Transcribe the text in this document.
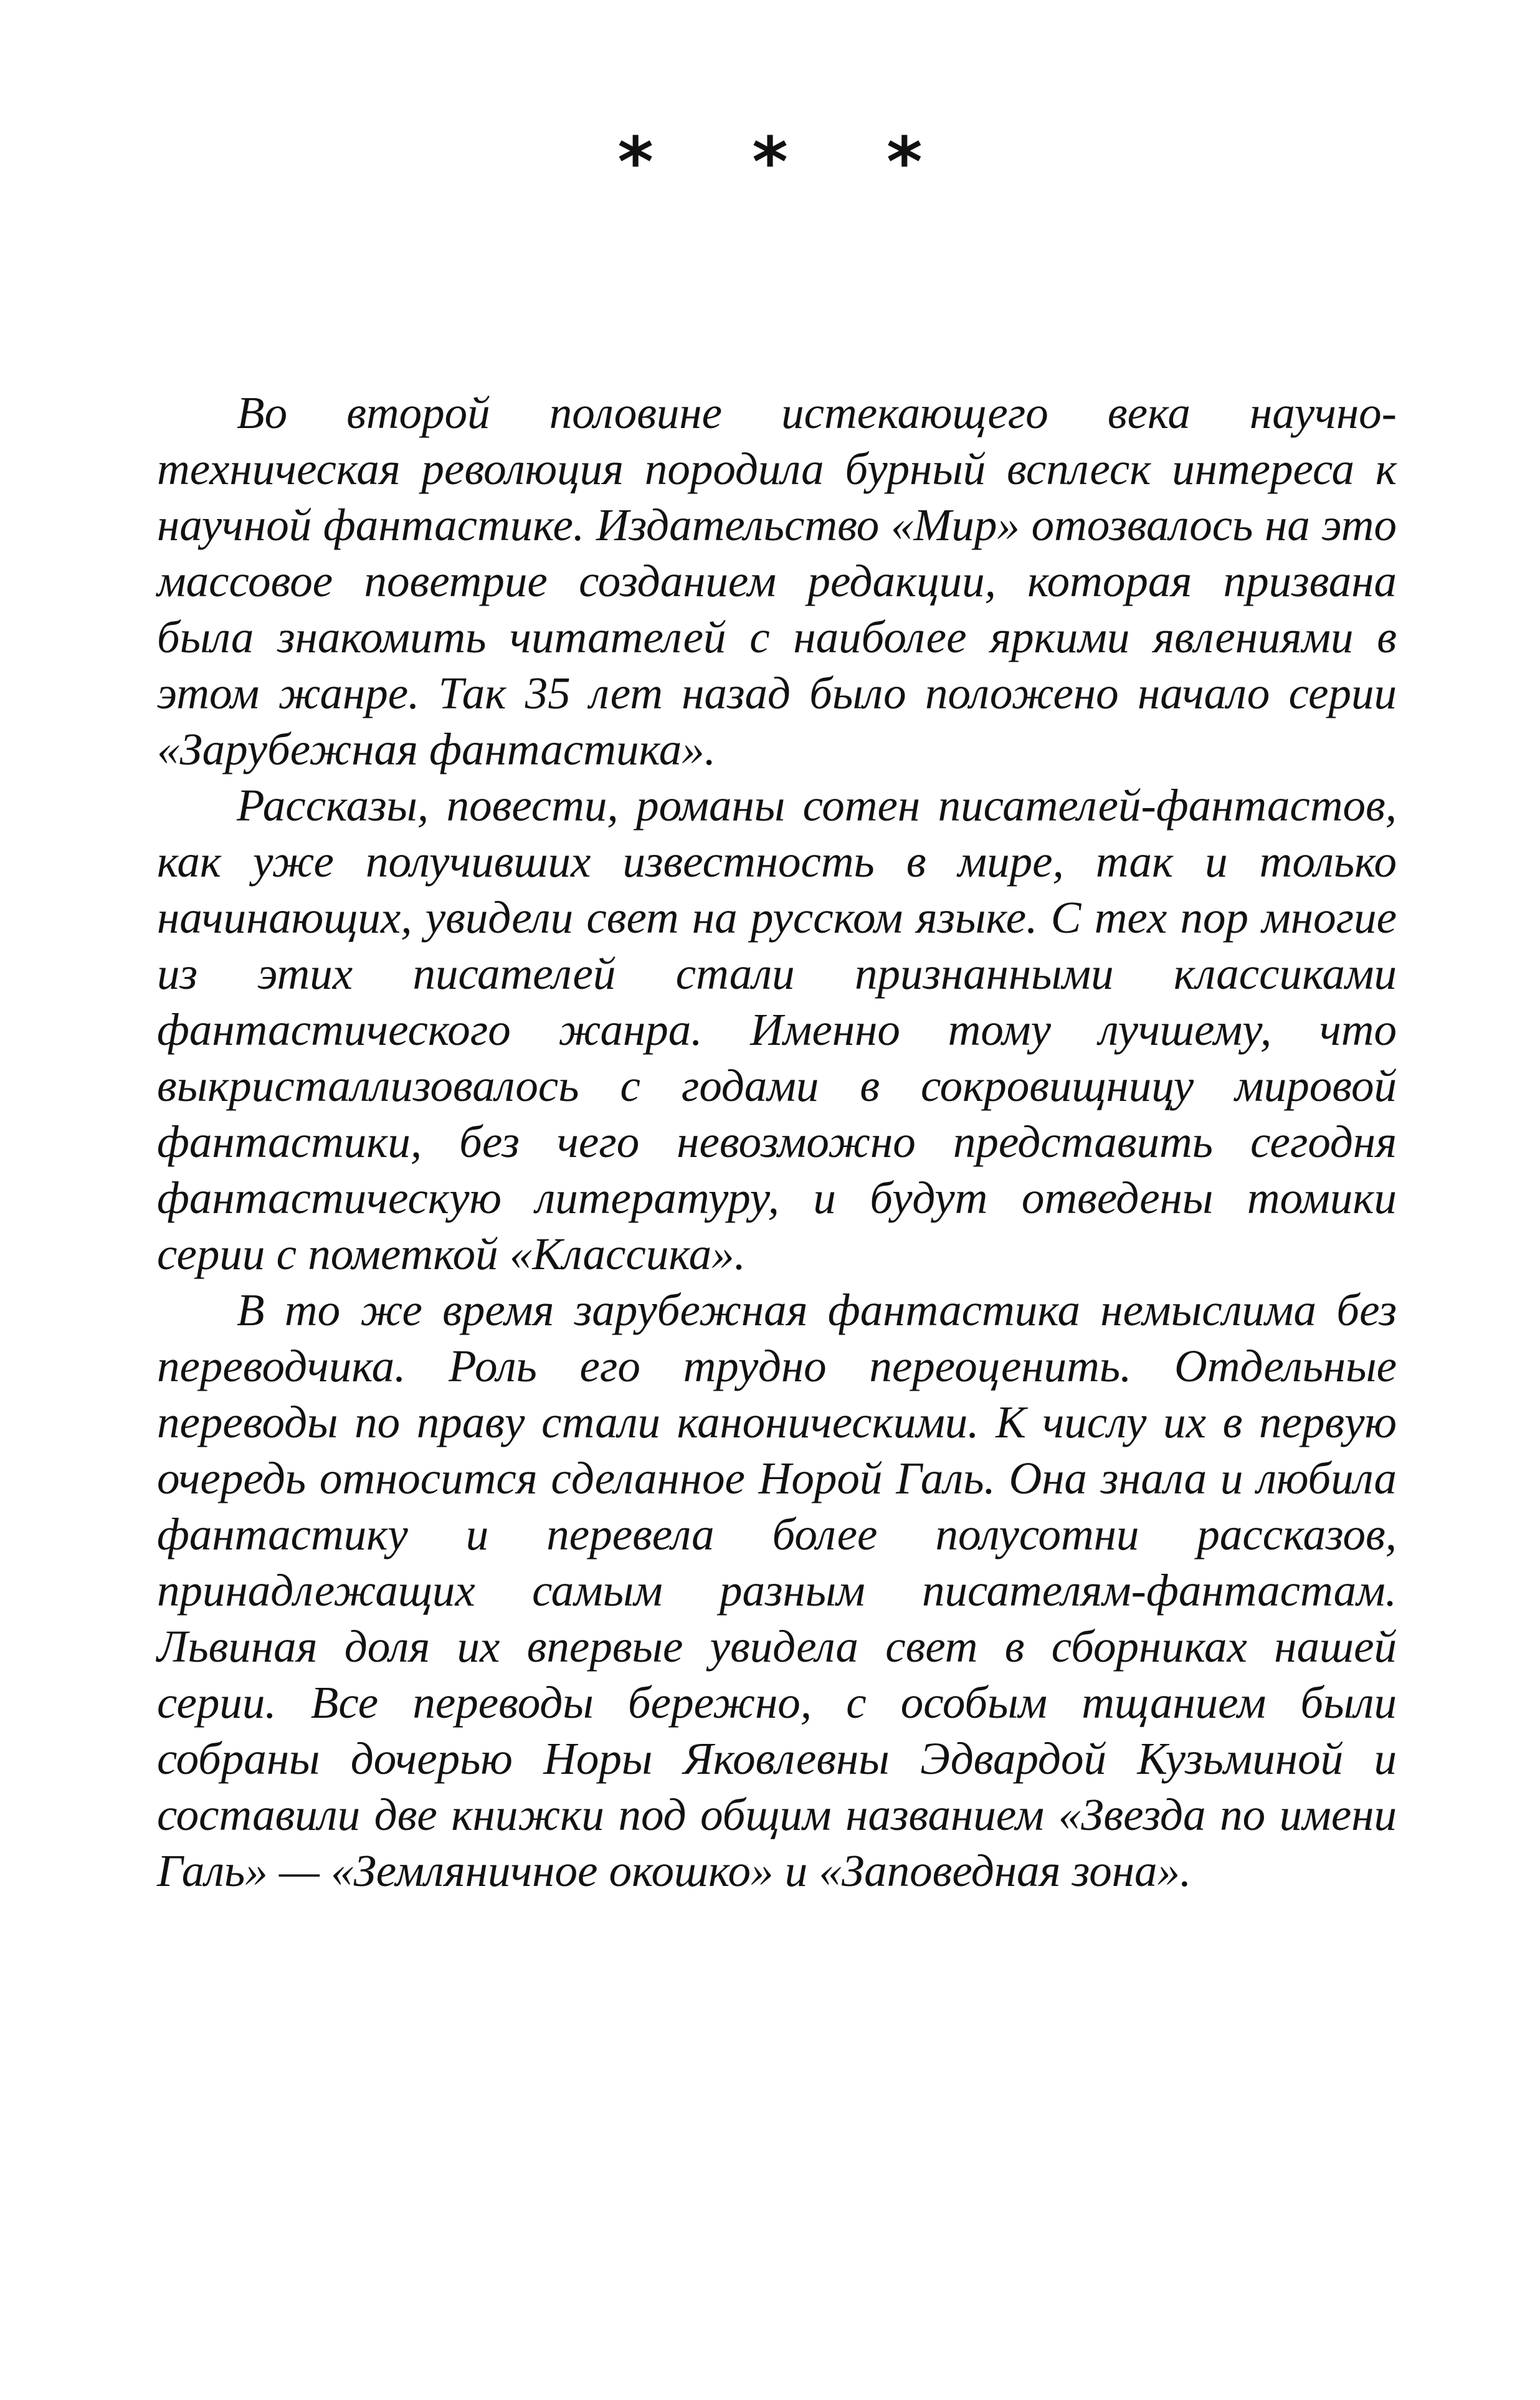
* * *

Во второй половине истекающего века научно-техническая революция породила бурный всплеск интереса к научной фантастике. Издательство «Мир» отозвалось на это массовое поветрие созданием редакции, которая призвана была знакомить читателей с наиболее яркими явлениями в этом жанре. Так 35 лет назад было положено начало серии «Зарубежная фантастика».

Рассказы, повести, романы сотен писателей-фантастов, как уже получивших известность в мире, так и только начинающих, увидели свет на русском языке. С тех пор многие из этих писателей стали признанными классиками фантастического жанра. Именно тому лучшему, что выкристаллизовалось с годами в сокровищницу мировой фантастики, без чего невозможно представить сегодня фантастическую литературу, и будут отведены томики серии с пометкой «Классика».

В то же время зарубежная фантастика немыслима без переводчика. Роль его трудно переоценить. Отдельные переводы по праву стали каноническими. К числу их в первую очередь относится сделанное Норой Галь. Она знала и любила фантастику и перевела более полусотни рассказов, принадлежащих самым разным писателям-фантастам. Львиная доля их впервые увидела свет в сборниках нашей серии. Все переводы бережно, с особым тщанием были собраны дочерью Норы Яковлевны Эдвардой Кузьминой и составили две книжки под общим названием «Звезда по имени Галь» — «Земляничное окошко» и «Заповедная зона».
